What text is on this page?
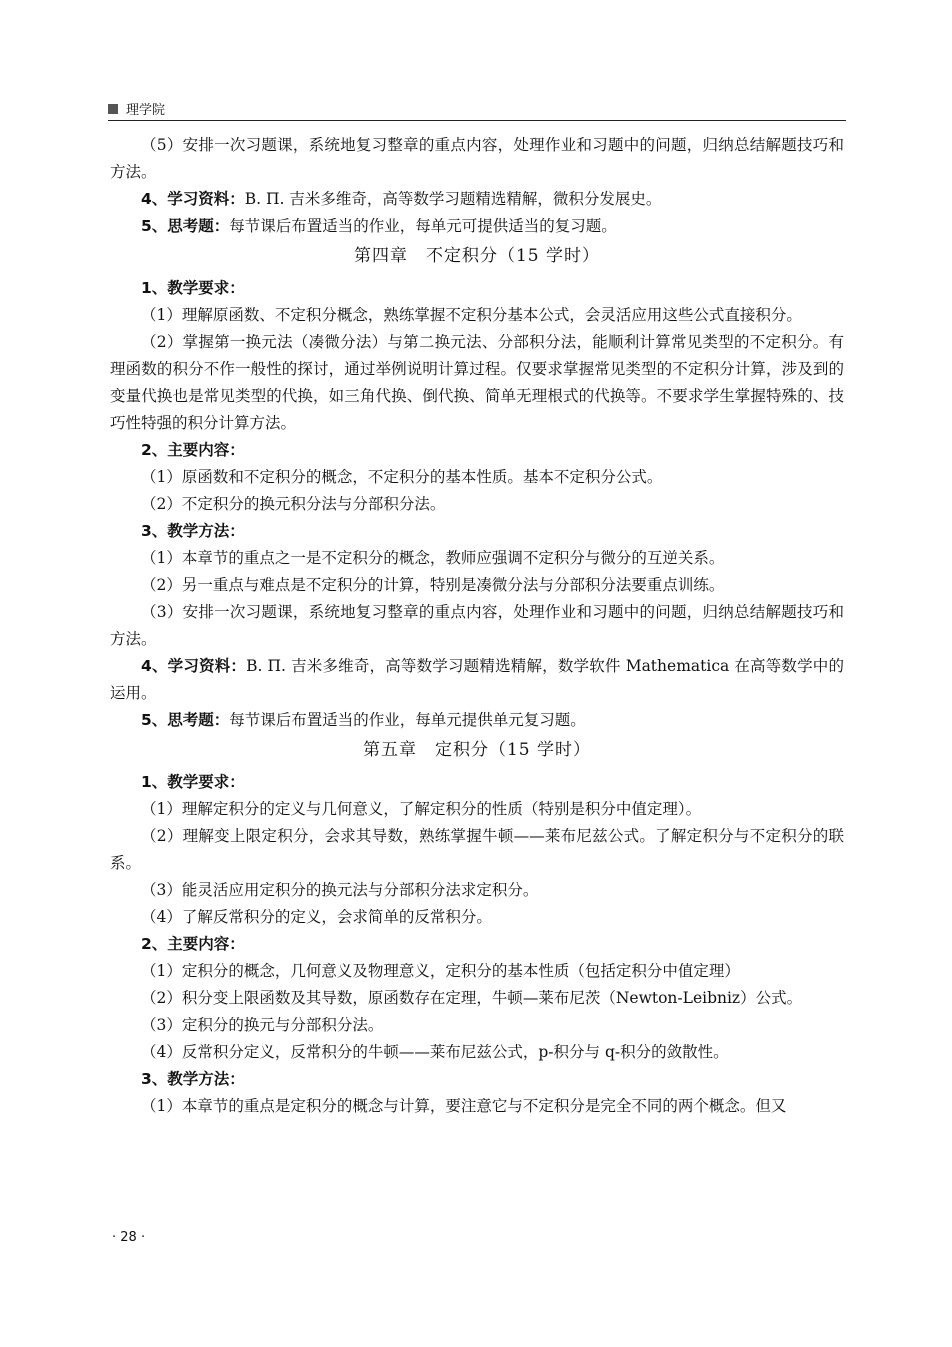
理学院

（5）安排一次习题课，系统地复习整章的重点内容，处理作业和习题中的问题，归纳总结解题技巧和方法。

4、学习资料：B. П. 吉米多维奇，高等数学习题精选精解，微积分发展史。

5、思考题：每节课后布置适当的作业，每单元可提供适当的复习题。

第四章　不定积分（15 学时）

1、教学要求：

（1）理解原函数、不定积分概念，熟练掌握不定积分基本公式，会灵活应用这些公式直接积分。

（2）掌握第一换元法（凑微分法）与第二换元法、分部积分法，能顺利计算常见类型的不定积分。有理函数的积分不作一般性的探讨，通过举例说明计算过程。仅要求掌握常见类型的不定积分计算，涉及到的变量代换也是常见类型的代换，如三角代换、倒代换、简单无理根式的代换等。不要求学生掌握特殊的、技巧性特强的积分计算方法。

2、主要内容：

（1）原函数和不定积分的概念，不定积分的基本性质。基本不定积分公式。

（2）不定积分的换元积分法与分部积分法。

3、教学方法：

（1）本章节的重点之一是不定积分的概念，教师应强调不定积分与微分的互逆关系。

（2）另一重点与难点是不定积分的计算，特别是凑微分法与分部积分法要重点训练。

（3）安排一次习题课，系统地复习整章的重点内容，处理作业和习题中的问题，归纳总结解题技巧和方法。

4、学习资料：B. П. 吉米多维奇，高等数学习题精选精解，数学软件 Mathematica 在高等数学中的运用。

5、思考题：每节课后布置适当的作业，每单元提供单元复习题。

第五章　定积分（15 学时）

1、教学要求：

（1）理解定积分的定义与几何意义，了解定积分的性质（特别是积分中值定理）。

（2）理解变上限定积分，会求其导数，熟练掌握牛顿——莱布尼兹公式。了解定积分与不定积分的联系。

（3）能灵活应用定积分的换元法与分部积分法求定积分。

（4）了解反常积分的定义，会求简单的反常积分。

2、主要内容：

（1）定积分的概念，几何意义及物理意义，定积分的基本性质（包括定积分中值定理）

（2）积分变上限函数及其导数，原函数存在定理，牛顿—莱布尼茨（Newton-Leibniz）公式。

（3）定积分的换元与分部积分法。

（4）反常积分定义，反常积分的牛顿——莱布尼兹公式，p-积分与 q-积分的敛散性。

3、教学方法：

（1）本章节的重点是定积分的概念与计算，要注意它与不定积分是完全不同的两个概念。但又

· 28 ·
